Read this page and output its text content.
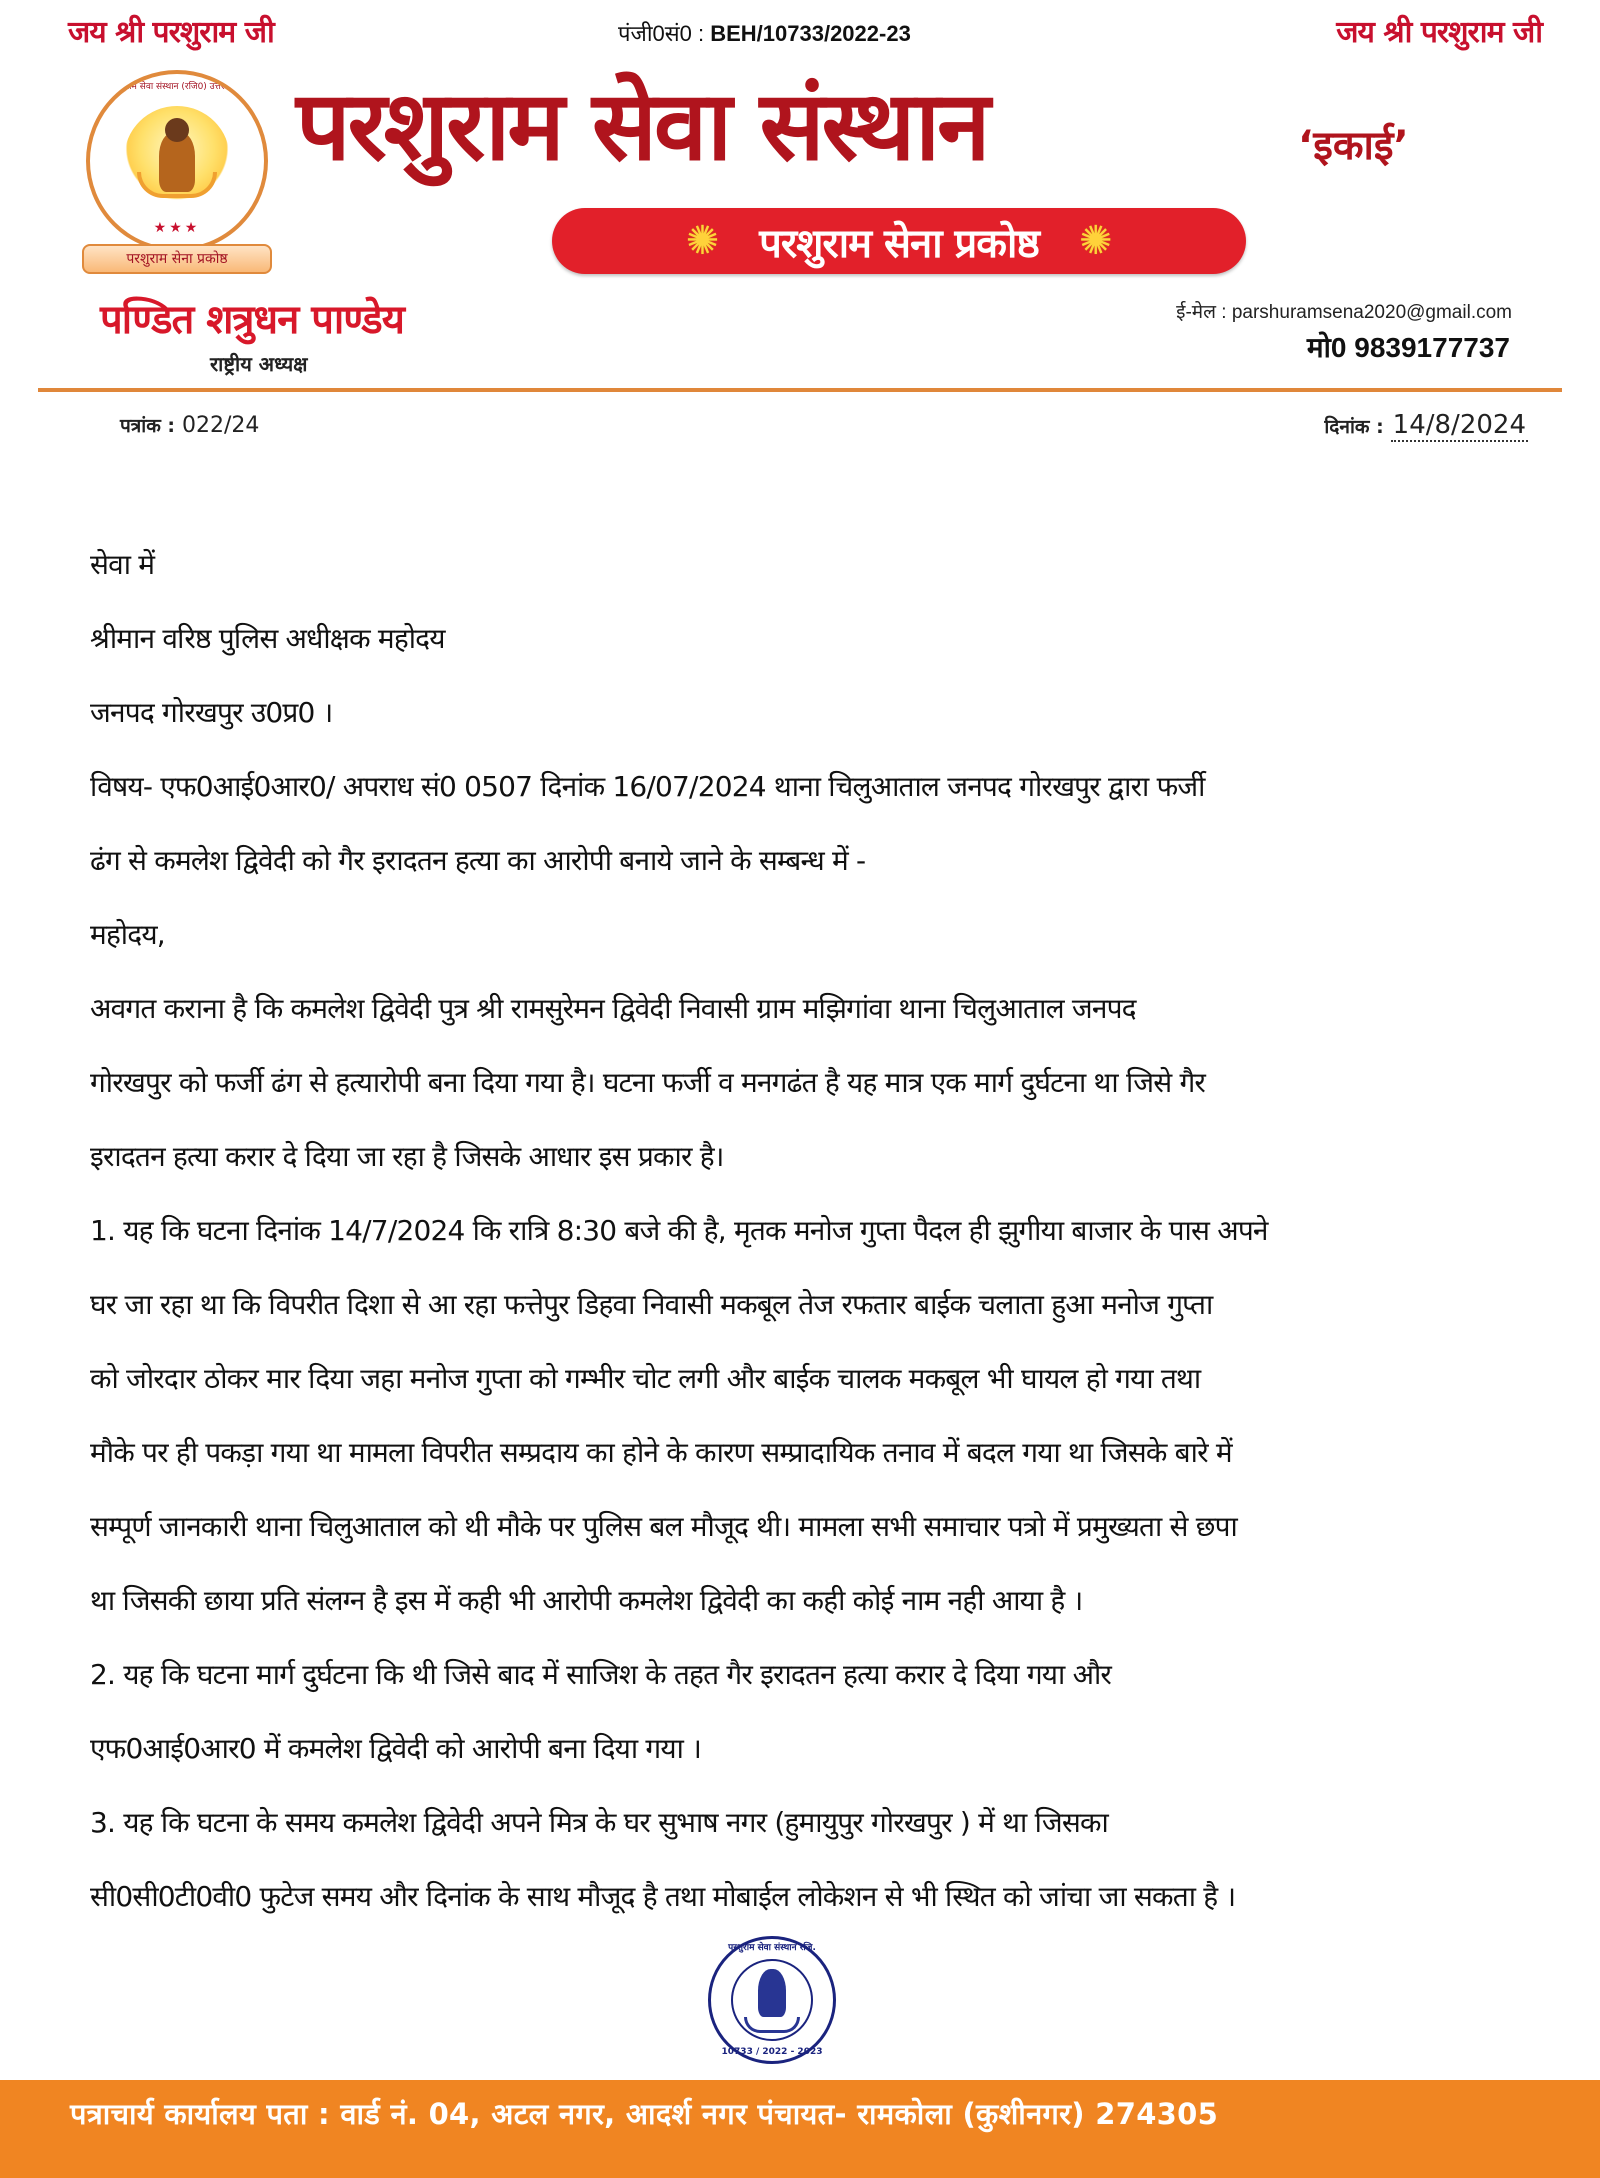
जय श्री परशुराम जी	पंजी0सं0 : BEH/10733/2022-23	जय श्री परशुराम जी
परशुराम सेवा संस्थान (रजि0) उत्तर प्रदेश
★★★
परशुराम सेना प्रकोष्ठ
परशुराम सेवा संस्थान	‘इकाई’
✺ परशुराम सेना प्रकोष्ठ ✺
पण्डित शत्रुधन पाण्डेय
राष्ट्रीय अध्यक्ष
ई-मेल : parshuramsena2020@gmail.com
मो0 9839177737
पत्रांक : 022/24	दिनांक : 14/8/2024

सेवा में

श्रीमान वरिष्ठ पुलिस अधीक्षक महोदय

जनपद गोरखपुर उ0प्र0 ।

विषय- एफ0आई0आर0/ अपराध सं0 0507 दिनांक 16/07/2024 थाना चिलुआताल जनपद गोरखपुर द्वारा फर्जी

ढंग से कमलेश द्विवेदी को गैर इरादतन हत्या का आरोपी बनाये जाने के सम्बन्ध में -

महोदय,

अवगत कराना है कि कमलेश द्विवेदी पुत्र श्री रामसुरेमन द्विवेदी निवासी ग्राम मझिगांवा थाना चिलुआताल जनपद

गोरखपुर को फर्जी ढंग से हत्यारोपी बना दिया गया है। घटना फर्जी व मनगढंत है यह मात्र एक मार्ग दुर्घटना था जिसे गैर

इरादतन हत्या करार दे दिया जा रहा है जिसके आधार इस प्रकार है।

1. यह कि घटना दिनांक 14/7/2024 कि रात्रि 8:30 बजे की है, मृतक मनोज गुप्ता पैदल ही झुगीया बाजार के पास अपने

घर जा रहा था कि विपरीत दिशा से आ रहा फत्तेपुर डिहवा निवासी मकबूल तेज रफतार बाईक चलाता हुआ मनोज गुप्ता

को जोरदार ठोकर मार दिया जहा मनोज गुप्ता को गम्भीर चोट लगी और बाईक चालक मकबूल भी घायल हो गया तथा

मौके पर ही पकड़ा गया था मामला विपरीत सम्प्रदाय का होने के कारण सम्प्रादायिक तनाव में बदल गया था जिसके बारे में

सम्पूर्ण जानकारी थाना चिलुआताल को थी मौके पर पुलिस बल मौजूद थी। मामला सभी समाचार पत्रो में प्रमुख्यता से छपा

था जिसकी छाया प्रति संलग्न है इस में कही भी आरोपी कमलेश द्विवेदी का कही कोई नाम नही आया है ।

2. यह कि घटना मार्ग दुर्घटना कि थी जिसे बाद में साजिश के तहत गैर इरादतन हत्या करार दे दिया गया और

एफ0आई0आर0 में कमलेश द्विवेदी को आरोपी बना दिया गया ।

3. यह कि घटना के समय कमलेश द्विवेदी अपने मित्र के घर सुभाष नगर (हुमायुपुर गोरखपुर ) में था जिसका

सी0सी0टी0वी0 फुटेज समय और दिनांक के साथ मौजूद है तथा मोबाईल लोकेशन से भी स्थित को जांचा जा सकता है ।

परशुराम सेवा संस्थान रजि.
10733 / 2022 - 2023
पत्राचार्य कार्यालय पता : वार्ड नं. 04, अटल नगर, आदर्श नगर पंचायत- रामकोला (कुशीनगर) 274305
